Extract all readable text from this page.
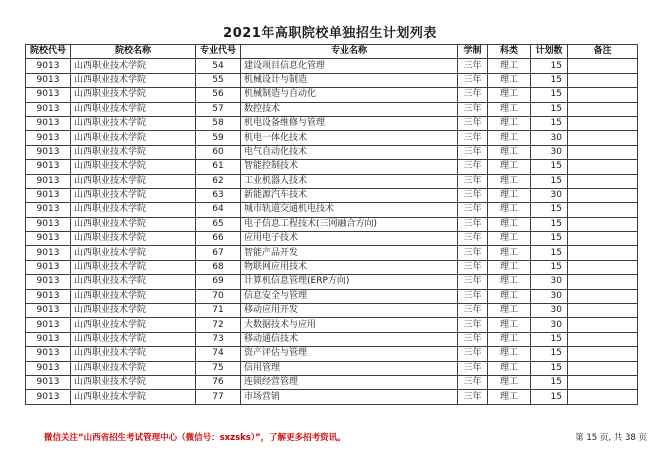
2021年高职院校单独招生计划列表
院校代号	院校名称	专业代号	专业名称	学制	科类	计划数	备注
9013	山西职业技术学院	54	建设项目信息化管理	三年	理工	15	
9013	山西职业技术学院	55	机械设计与制造	三年	理工	15	
9013	山西职业技术学院	56	机械制造与自动化	三年	理工	15	
9013	山西职业技术学院	57	数控技术	三年	理工	15	
9013	山西职业技术学院	58	机电设备维修与管理	三年	理工	15	
9013	山西职业技术学院	59	机电一体化技术	三年	理工	30	
9013	山西职业技术学院	60	电气自动化技术	三年	理工	30	
9013	山西职业技术学院	61	智能控制技术	三年	理工	15	
9013	山西职业技术学院	62	工业机器人技术	三年	理工	15	
9013	山西职业技术学院	63	新能源汽车技术	三年	理工	30	
9013	山西职业技术学院	64	城市轨道交通机电技术	三年	理工	15	
9013	山西职业技术学院	65	电子信息工程技术(三网融合方向)	三年	理工	15	
9013	山西职业技术学院	66	应用电子技术	三年	理工	15	
9013	山西职业技术学院	67	智能产品开发	三年	理工	15	
9013	山西职业技术学院	68	物联网应用技术	三年	理工	15	
9013	山西职业技术学院	69	计算机信息管理(ERP方向)	三年	理工	30	
9013	山西职业技术学院	70	信息安全与管理	三年	理工	30	
9013	山西职业技术学院	71	移动应用开发	三年	理工	30	
9013	山西职业技术学院	72	大数据技术与应用	三年	理工	30	
9013	山西职业技术学院	73	移动通信技术	三年	理工	15	
9013	山西职业技术学院	74	资产评估与管理	三年	理工	15	
9013	山西职业技术学院	75	信用管理	三年	理工	15	
9013	山西职业技术学院	76	连锁经营管理	三年	理工	15	
9013	山西职业技术学院	77	市场营销	三年	理工	15	
微信关注“山西省招生考试管理中心（微信号：sxzsks）”，了解更多招考资讯。	第 15 页, 共 38 页
